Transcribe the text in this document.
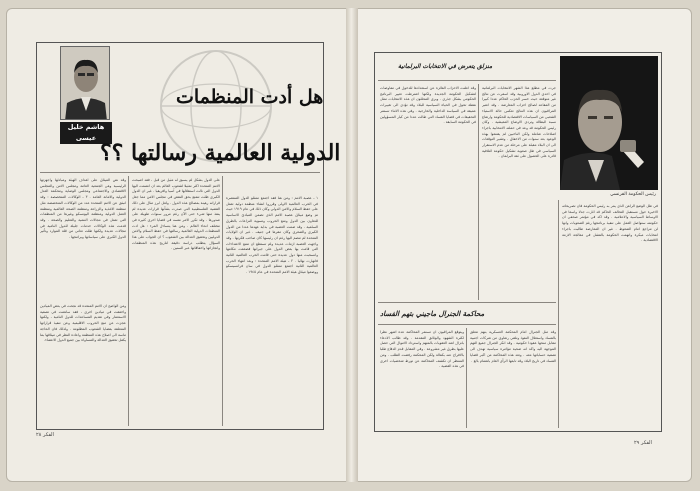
هاشم خليل عيسى
هل أدت المنظمات
الدولية العالمية رسالتها ؟؟
١ ـ عصبة الامم : ومن هنا فقد اجتمع ممثلو الدول المنتصرة في الحرب العالمية الاولى وقرروا انشاء منظمة دولية تعمل على حفظ السلام والامن الدولي وكان ذلك في عام ١٩١٩ حيث تم وضع ميثاق عصبة الامم الذي تضمن المبادئ الاساسية للتعاون بين الدول ومنع الحروب وتسوية النزاعات بالطرق السلمية . وقد ضمت العصبة في بداية عهدها عددا من الدول الكبرى والصغرى وكان مقرها في جنيف . غير ان الولايات المتحدة لم تنضم اليها رغم ان رئيسها كان صاحب فكرتها . وقد واجهت العصبة ازمات عديدة ولم تستطع ان تمنع الاعتداءات التي قامت بها بعض الدول على جيرانها فضعفت مكانتها وانسحبت منها دول عديدة حتى قامت الحرب العالمية الثانية فانهارت نهائيا . ٢ ـ هيئة الامم المتحدة : وبعد انتهاء الحرب العالمية الثانية اجتمع ممثلو الدول في سان فرانسيسكو ووضعوا ميثاق هيئة الامم المتحدة في عام ١٩٤٥ .
على الدول بشكل لم يسبق له مثيل من قبل ، فقد اصبحت الامم المتحدة اكثر تمثيلا لشعوب العالم بعد ان انضمت اليها الدول التي نالت استقلالها في آسيا وافريقيا . غير ان الدول الكبرى ظلت تتمتع بحق النقض في مجلس الامن مما جعل قراراته رهينة بمصالح هذه الدول . ولعل ابرز مثال على ذلك القضية الفلسطينية التي صدرت بشأنها قرارات عديدة لم ينفذ منها شيء حتى الآن رغم مرور سنوات طويلة على صدورها . وقد تكرر الامر نفسه في قضايا اخرى كثيرة في مختلف انحاء العالم . ومن هنا يتساءل المرء : هل ادت المنظمات الدولية العالمية رسالتها في حفظ السلام والامن الدوليين وتحقيق العدالة بين الشعوب ؟ ان الجواب على هذا السؤال يتطلب دراسة دقيقة لتاريخ هذه المنظمات وانجازاتها واخفاقاتها عبر السنين .
وقد نص الميثاق على اهداف الهيئة ومبادئها واجهزتها الرئيسية وهي الجمعية العامة ومجلس الامن والمجلس الاقتصادي والاجتماعي ومجلس الوصاية ومحكمة العدل الدولية والامانة العامة . ٣ ـ الوكالات المتخصصة : وقد انبثق عن الامم المتحدة عدد من الوكالات المتخصصة مثل منظمة الاغذية والزراعة ومنظمة الصحة العالمية ومنظمة العمل الدولية ومنظمة اليونسكو وغيرها من المنظمات التي تعمل في مجالات التنمية والتعليم والصحة . وقد قدمت هذه الوكالات خدمات جليلة للدول النامية في مجالات عديدة ولكنها ظلت تعاني من قلة الموارد وتأثير الدول الكبرى على سياساتها وبرامجها .
ومن الواضح ان الامم المتحدة قد نجحت في بعض الميادين واخفقت في ميادين اخرى ، فقد ساهمت في تصفية الاستعمار وفي تقديم المساعدات للدول النامية ، ولكنها عجزت عن منع الحروب الاقليمية وعن تنفيذ قراراتها المتعلقة بقضايا الشعوب المظلومة . ولذلك فان الحاجة ماسة الى اصلاح هذه المنظمة واعادة النظر في ميثاقها بما يكفل تحقيق العدالة والمساواة بين جميع الدول الاعضاء.
الفكر ٢٨
منزلق يتعرض في الانتخابات البرلمانية
رئيس الحكومة الفرنسي
جرت في مطلع هذا الشهر الانتخابات البرلمانية في احدى الدول الاوروبية وقد اسفرت عن نتائج غير متوقعة حيث خسر الحزب الحاكم عددا كبيرا من المقاعد لصالح احزاب المعارضة . وقد اعتبر المراقبون ان هذه النتائج تعكس حالة الاستياء الشعبي من السياسات الاقتصادية للحكومة وارتفاع نسبة البطالة وتردي الاوضاع المعيشية . وكان رئيس الحكومة قد وعد في حملته الانتخابية باجراء اصلاحات شاملة ولكن الناخبين لم يقتنعوا بهذه الوعود بعد سنوات من الاخفاق . وتشير التوقعات الى ان البلاد مقبلة على مرحلة من عدم الاستقرار السياسي في ظل صعوبة تشكيل حكومة ائتلافية قادرة على الحصول على ثقة البرلمان .
وقد اعلنت الاحزاب الفائزة عن استعدادها للدخول في مفاوضات لتشكيل الحكومة الجديدة ولكنها اشترطت تغيير البرنامج الحكومي بشكل جذري . ويرى المحللون ان هذه الانتخابات تمثل نقطة تحول في الحياة السياسية للبلاد وقد تؤدي الى تغييرات عميقة في السياسة الداخلية والخارجية . وفي هذه الاثناء تستمر التحقيقات في قضايا الفساد التي طالت عددا من كبار المسؤولين في الحكومة السابقة .
في ظل الوضع الراهن الذي يمر به رئيس الحكومة فان تصريحاته الاخيرة حول مستقبل التحالف الحاكم قد اثارت جدلا واسعا في الاوساط السياسية والاعلامية . وقد اكد في مؤتمر صحفي ان حكومته ستواصل العمل على تنفيذ برنامجها رغم الصعوبات وانها لن تتراجع امام الضغوط . غير ان المعارضة طالبت باجراء انتخابات مبكرة واتهمت الحكومة بالفشل في معالجة الازمة الاقتصادية .
محاكمة الجنرال ماجيني بتهم الفساد
وقد مثل الجنرال امام المحكمة العسكرية بتهم تتعلق بالفساد واستغلال النفوذ وتلقي رشاوى من شركات اجنبية مقابل منحها عقودا حكومية . وقد انكر الجنرال جميع التهم الموجهة اليه واكد انه ضحية مؤامرة سياسية تهدف الى تصفية حساباتها معه . وتعد هذه المحاكمة من اكبر قضايا الفساد في تاريخ البلاد وقد تابعها الرأي العام باهتمام بالغ .
ويتوقع المراقبون ان تستمر المحاكمة عدة اشهر نظرا لكثرة الشهود والوثائق المقدمة . وقد طالب الادعاء بانزال اشد العقوبات بالمتهم واسترداد الاموال التي حصل عليها بطرق غير مشروعة . وفي المقابل قدم الدفاع طلبا بالافراج عنه بكفالة ولكن المحكمة رفضت الطلب . ومن المنتظر ان تكشف المحاكمة عن تورط شخصيات اخرى في هذه القضية .
الفكر ٢٩
